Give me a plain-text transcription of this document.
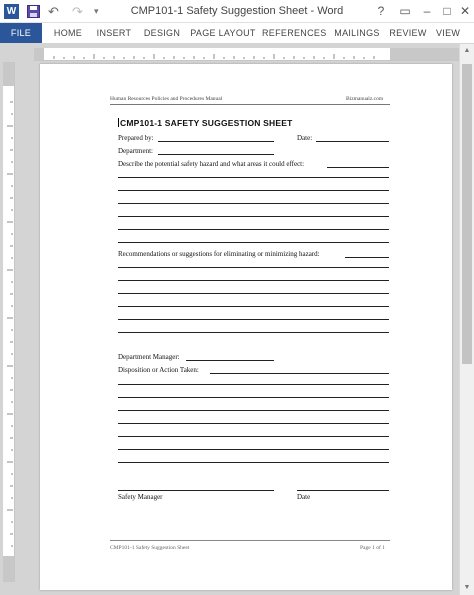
W ↶	↷	▾	CMP101-1 Safety Suggestion Sheet - Word	?	▭	–	□ ✕
FILE	HOME	INSERT	DESIGN	PAGE LAYOUT REFERENCES MAILINGS REVIEW VIEW
▲
▼
Human Resources Policies and Procedures Manual	Bizmanualz.com
CMP101-1 SAFETY SUGGESTION SHEET
Prepared by:	Date:
Department:
Describe the potential safety hazard and what areas it could effect:
Recommendations or suggestions for eliminating or minimizing hazard:
Department Manager:
Disposition or Action Taken:
Safety Manager	Date
CMP101-1 Safety Suggestion Sheet	Page 1 of 1
